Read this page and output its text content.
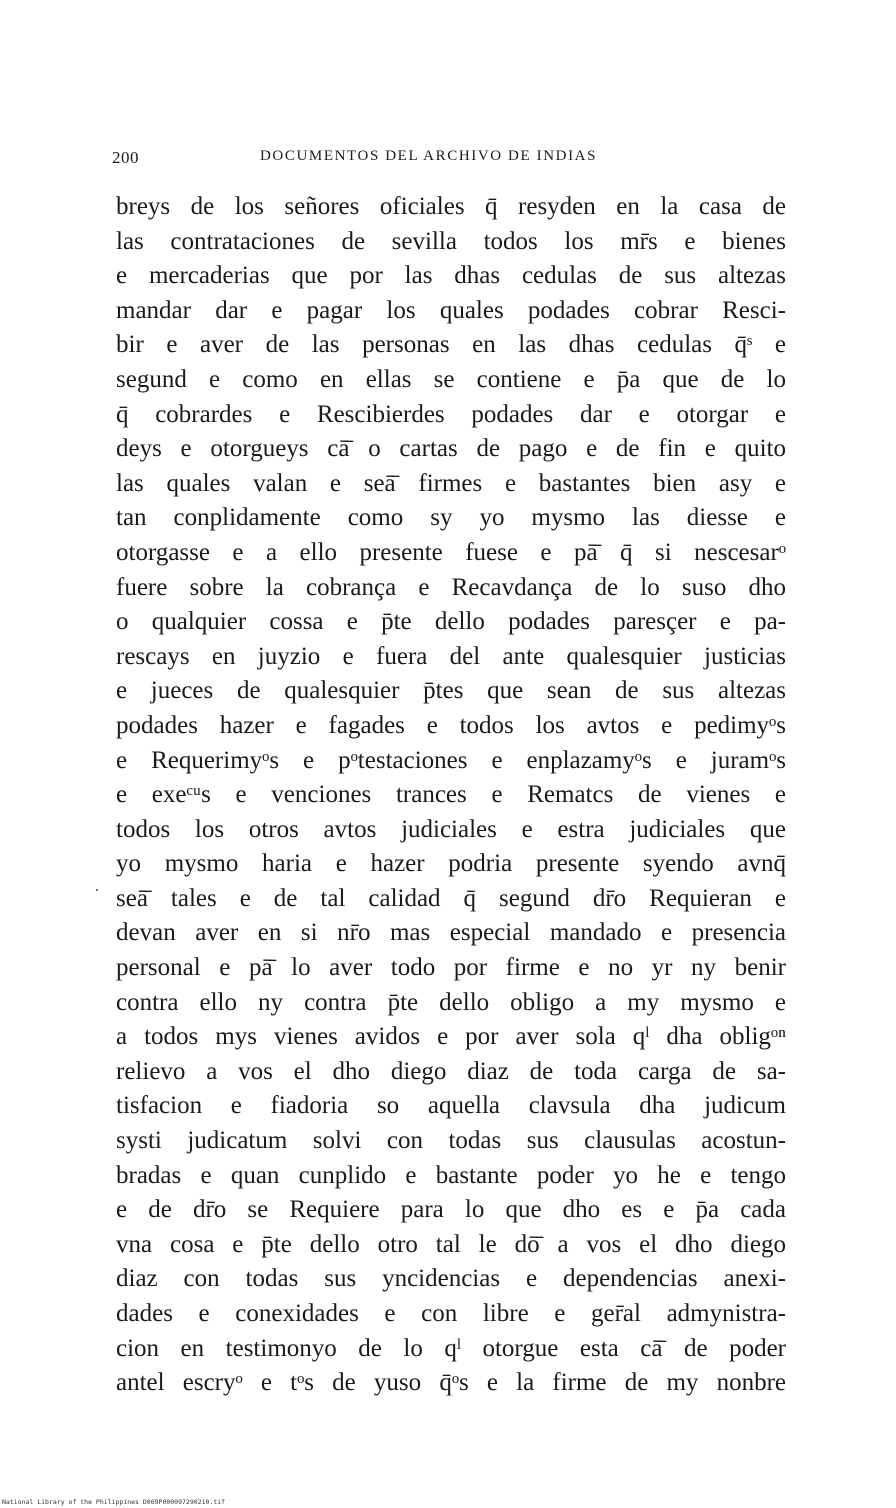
200	DOCUMENTOS DEL ARCHIVO DE INDIAS
·
breys de los señores oficiales q̄ resyden en la casa de
las contrataciones de sevilla todos los mr̄s e bienes
e mercaderias que por las dhas cedulas de sus altezas
mandar dar e pagar los quales podades cobrar Resci-
bir e aver de las personas en las dhas cedulas q̄ˢ e
segund e como en ellas se contiene e p̄a que de lo
q̄ cobrardes e Rescibierdes podades dar e otorgar e
deys e otorgueys cā̄ o cartas de pago e de fin e quito
las quales valan e seā̄ firmes e bastantes bien asy e
tan conplidamente como sy yo mysmo las diesse e
otorgasse e a ello presente fuese e pā̄ q̄ si nescesarᵒ
fuere sobre la cobrança e Recavdança de lo suso dho
o qualquier cossa e p̄te dello podades paresçer e pa-
rescays en juyzio e fuera del ante qualesquier justicias
e jueces de qualesquier p̄tes que sean de sus altezas
podades hazer e fagades e todos los avtos e pedimyᵒs
e Requerimyᵒs e pᵒtestaciones e enplazamyᵒs e juramᵒs
e exeᶜᵘs e venciones trances e Rematcs de vienes e
todos los otros avtos judiciales e estra judiciales que
yo mysmo haria e hazer podria presente syendo avnq̄
seā̄ tales e de tal calidad q̄ segund dr̄o Requieran e
devan aver en si nr̄o mas especial mandado e presencia
personal e pā̄ lo aver todo por firme e no yr ny benir
contra ello ny contra p̄te dello obligo a my mysmo e
a todos mys vienes avidos e por aver sola qˡ dha obligᵒⁿ
relievo a vos el dho diego diaz de toda carga de sa-
tisfacion e fiadoria so aquella clavsula dha judicum
systi judicatum solvi con todas sus clausulas acostun-
bradas e quan cunplido e bastante poder yo he e tengo
e de dr̄o se Requiere para lo que dho es e p̄a cada
vna cosa e p̄te dello otro tal le dō̄ a vos el dho diego
diaz con todas sus yncidencias e dependencias anexi-
dades e conexidades e con libre e ger̄al admynistra-
cion en testimonyo de lo qˡ otorgue esta cā̄ de poder
antel escryᵒ e tᵒs de yuso q̄ᵒs e la firme de my nonbre
National Library of the Philippines D069P000097290210.tif
